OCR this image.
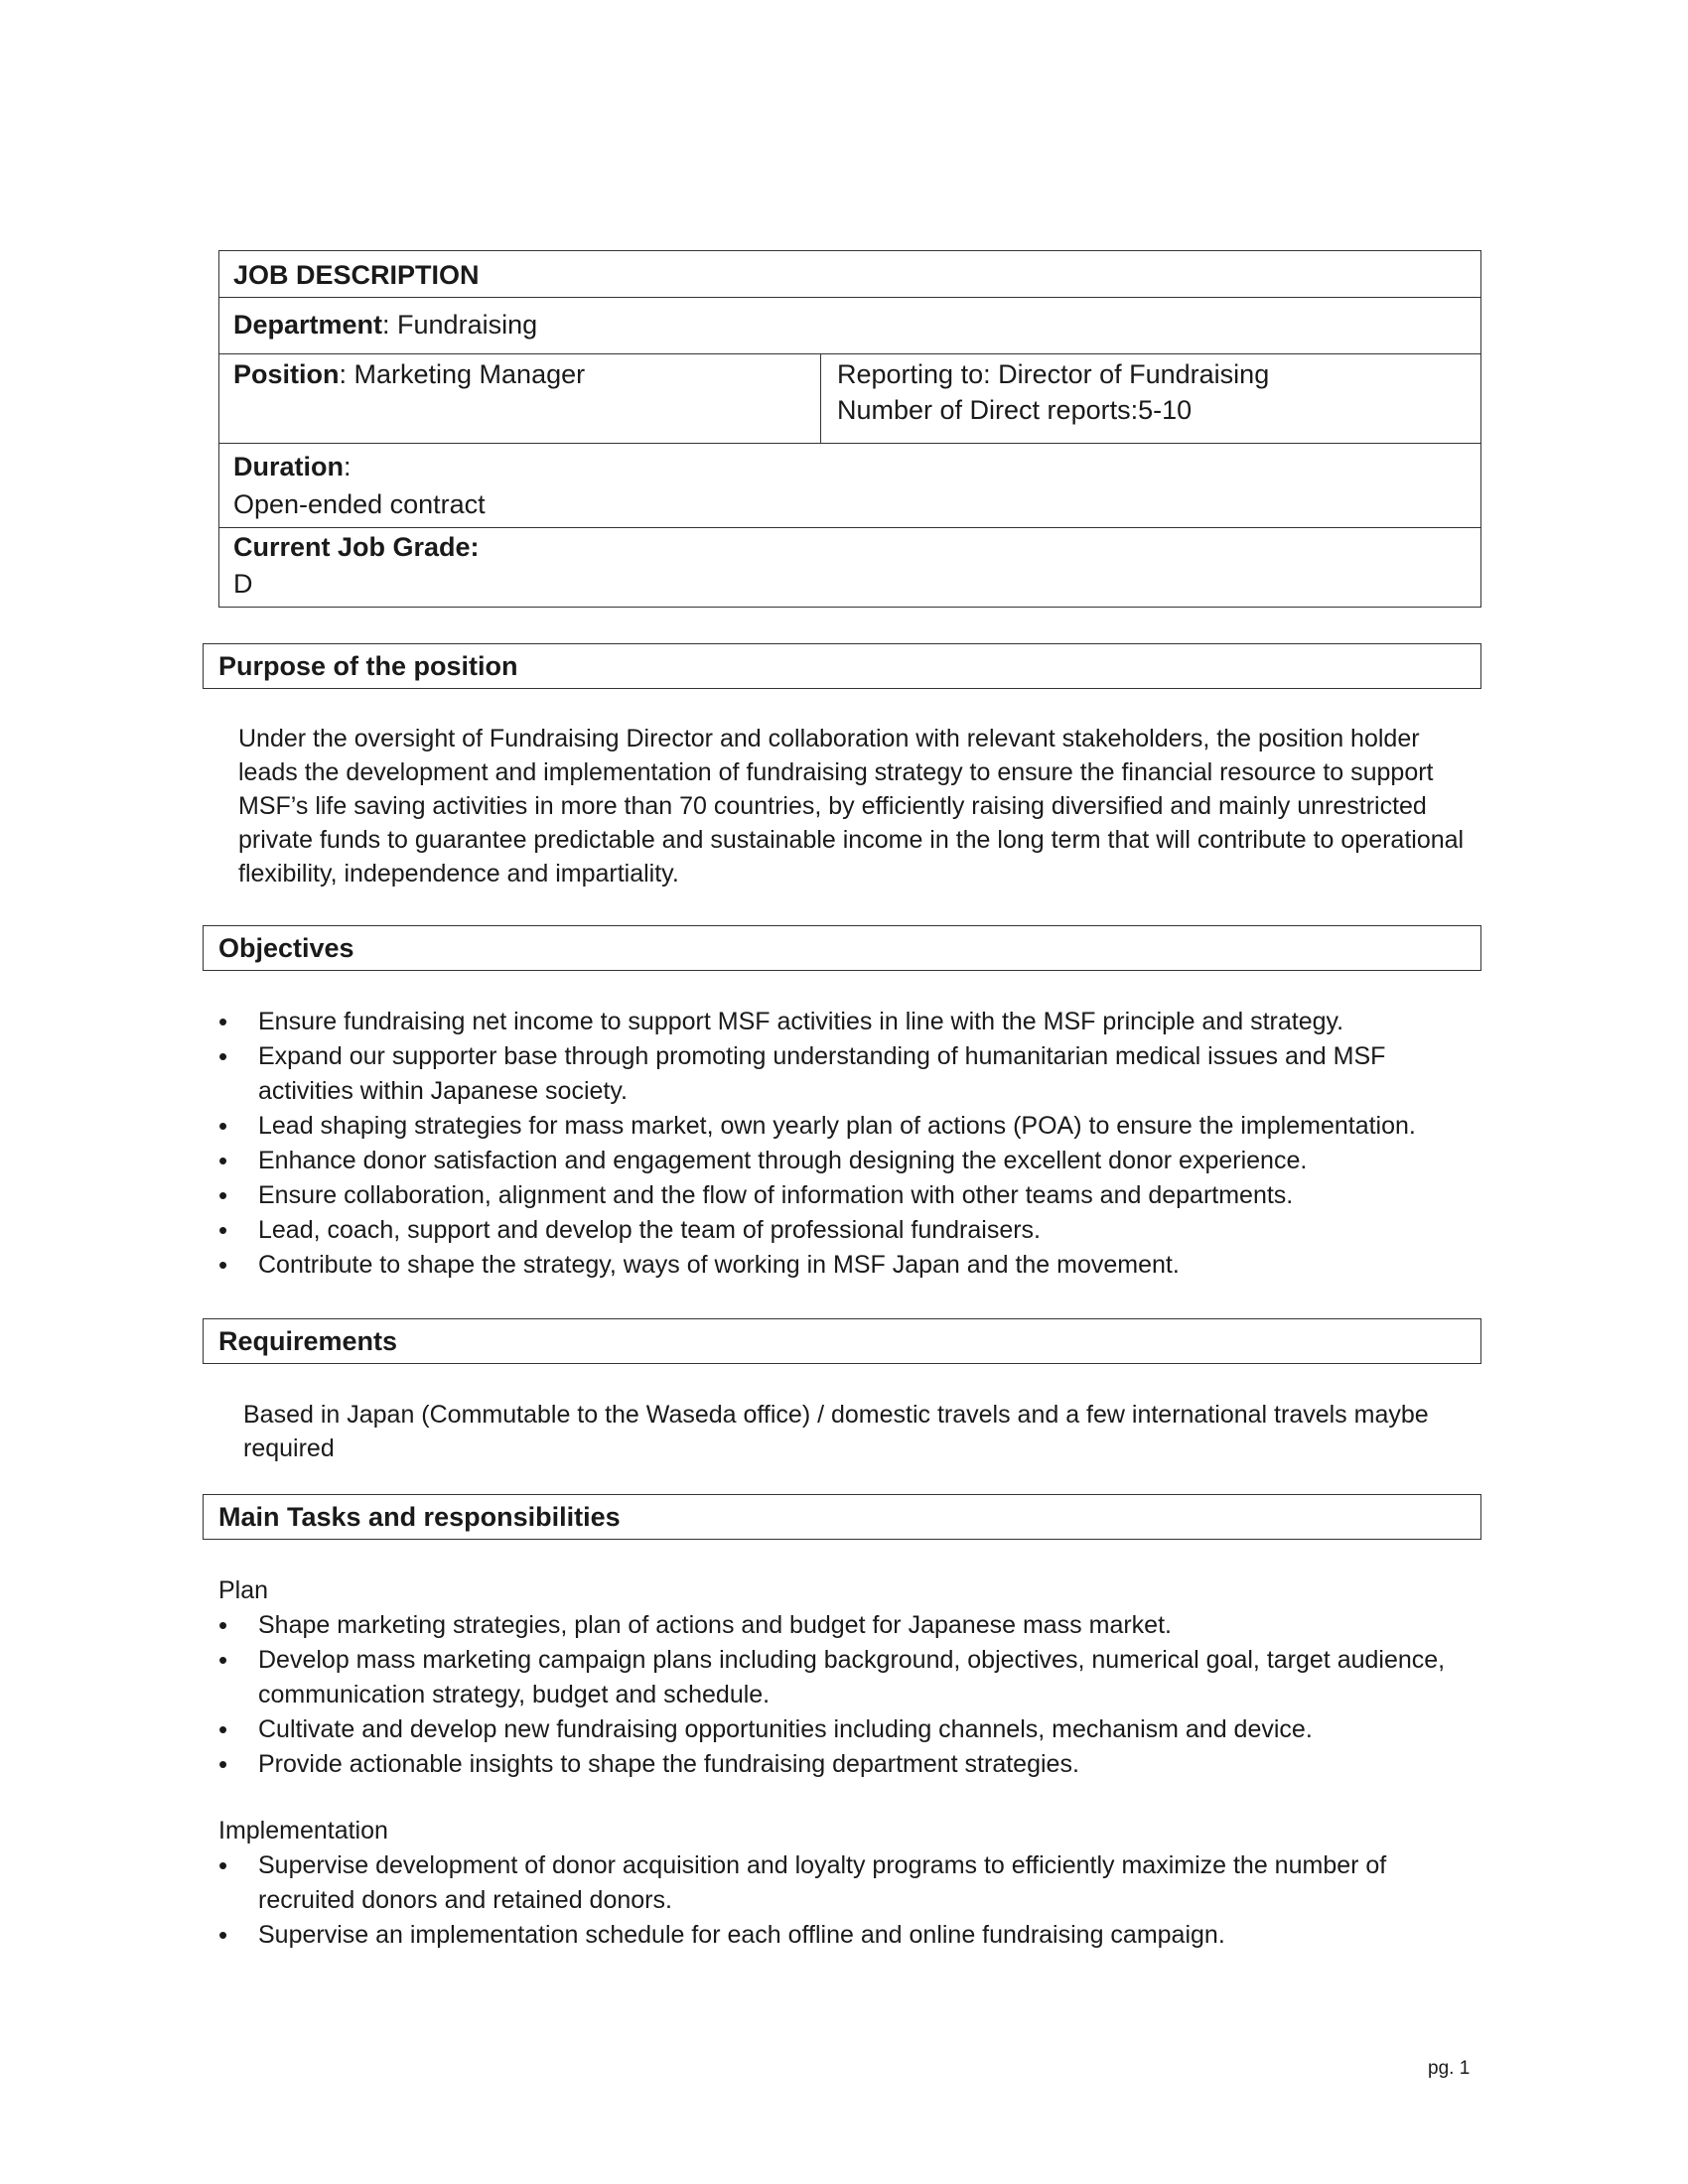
JOB DESCRIPTION
Department: Fundraising
Position: Marketing Manager	Reporting to: Director of Fundraising
Number of Direct reports:5-10
Duration:
Open-ended contract
Current Job Grade:
D
Purpose of the position

Under the oversight of Fundraising Director and collaboration with relevant stakeholders, the position holder leads the development and implementation of fundraising strategy to ensure the financial resource to support MSF’s life saving activities in more than 70 countries, by efficiently raising diversified and mainly unrestricted private funds to guarantee predictable and sustainable income in the long term that will contribute to operational flexibility, independence and impartiality.

Objectives
• Ensure fundraising net income to support MSF activities in line with the MSF principle and strategy.
• Expand our supporter base through promoting understanding of humanitarian medical issues and MSF activities within Japanese society.
• Lead shaping strategies for mass market, own yearly plan of actions (POA) to ensure the implementation.
• Enhance donor satisfaction and engagement through designing the excellent donor experience.
• Ensure collaboration, alignment and the flow of information with other teams and departments.
• Lead, coach, support and develop the team of professional fundraisers.
• Contribute to shape the strategy, ways of working in MSF Japan and the movement.
Requirements

Based in Japan (Commutable to the Waseda office) / domestic travels and a few international travels maybe required

Main Tasks and responsibilities
Plan
• Shape marketing strategies, plan of actions and budget for Japanese mass market.
• Develop mass marketing campaign plans including background, objectives, numerical goal, target audience, communication strategy, budget and schedule.
• Cultivate and develop new fundraising opportunities including channels, mechanism and device.
• Provide actionable insights to shape the fundraising department strategies.
Implementation
• Supervise development of donor acquisition and loyalty programs to efficiently maximize the number of recruited donors and retained donors.
• Supervise an implementation schedule for each offline and online fundraising campaign.
pg. 1
